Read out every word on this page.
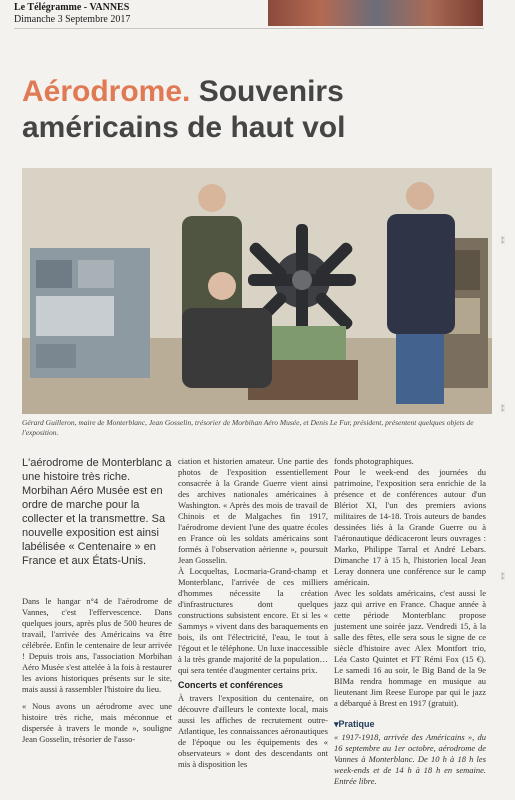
Le Télégramme - VANNES
Dimanche 3 Septembre 2017
Aérodrome. Souvenirs américains de haut vol
Gérard Guilleron, maire de Monterblanc, Jean Gosselin, trésorier de Morbihan Aéro Musée, et Denis Le Fur, président, présentent quelques objets de l'exposition.
L'aérodrome de Monterblanc a une histoire très riche. Morbihan Aéro Musée est en ordre de marche pour la collecter et la transmettre. Sa nouvelle exposition est ainsi labélisée « Centenaire » en France et aux États-Unis.

Dans le hangar n°4 de l'aérodrome de Vannes, c'est l'effervescence. Dans quelques jours, après plus de 500 heures de travail, l'arrivée des Américains va être célébrée. Enfin le centenaire de leur arrivée ! Depuis trois ans, l'association Morbihan Aéro Musée s'est attelée à la fois à restaurer les avions historiques présents sur le site, mais aussi à rassembler l'histoire du lieu.

« Nous avons un aérodrome avec une histoire très riche, mais méconnue et dispersée à travers le monde », souligne Jean Gosselin, trésorier de l'asso-

ciation et historien amateur. Une partie des photos de l'exposition essentiellement consacrée à la Grande Guerre vient ainsi des archives nationales américaines à Washington. « Après des mois de travail de Chinois et de Malgaches fin 1917, l'aérodrome devient l'une des quatre écoles en France où les soldats américains sont formés à l'observation aérienne », poursuit Jean Gosselin.

À Locqueltas, Locmaria-Grand-champ et Monterblanc, l'arrivée de ces milliers d'hommes nécessite la création d'infrastructures dont quelques constructions subsistent encore. Et si les « Sammys » vivent dans des baraquements en bois, ils ont l'électricité, l'eau, le tout à l'égout et le téléphone. Un luxe inaccessible à la très grande majorité de la population… qui sera tentée d'augmenter certains prix.

Concerts et conférences

À travers l'exposition du centenaire, on découvre d'ailleurs le contexte local, mais aussi les affiches de recrutement outre-Atlantique, les connaissances aéronautiques de l'époque ou les équipements des « observateurs » dont des descendants ont mis à disposition les

fonds photographiques.

Pour le week-end des journées du patrimoine, l'exposition sera enrichie de la présence et de conférences autour d'un Blériot XI, l'un des premiers avions militaires de 14-18. Trois auteurs de bandes dessinées liés à la Grande Guerre ou à l'aéronautique dédicaceront leurs ouvrages : Marko, Philippe Tarral et André Lebars. Dimanche 17 à 15 h, l'historien local Jean Leray donnera une conférence sur le camp américain.

Avec les soldats américains, c'est aussi le jazz qui arrive en France. Chaque année à cette période Monterblanc propose justement une soirée jazz. Vendredi 15, à la salle des fêtes, elle sera sous le signe de ce siècle d'histoire avec Alex Montfort trio, Léa Casto Quintet et FT Rémi Fox (15 €). Le samedi 16 au soir, le Big Band de la 9e BIMa rendra hommage en musique au lieutenant Jim Reese Europe par qui le jazz a débarqué à Brest en 1917 (gratuit).

▾Pratique

« 1917-1918, arrivée des Américains », du 16 septembre au 1er octobre, aérodrome de Vannes à Monterblanc. De 10 h à 18 h les week-ends et de 14 h à 18 h en semaine. Entrée libre.

⁑
⁑
⁑
